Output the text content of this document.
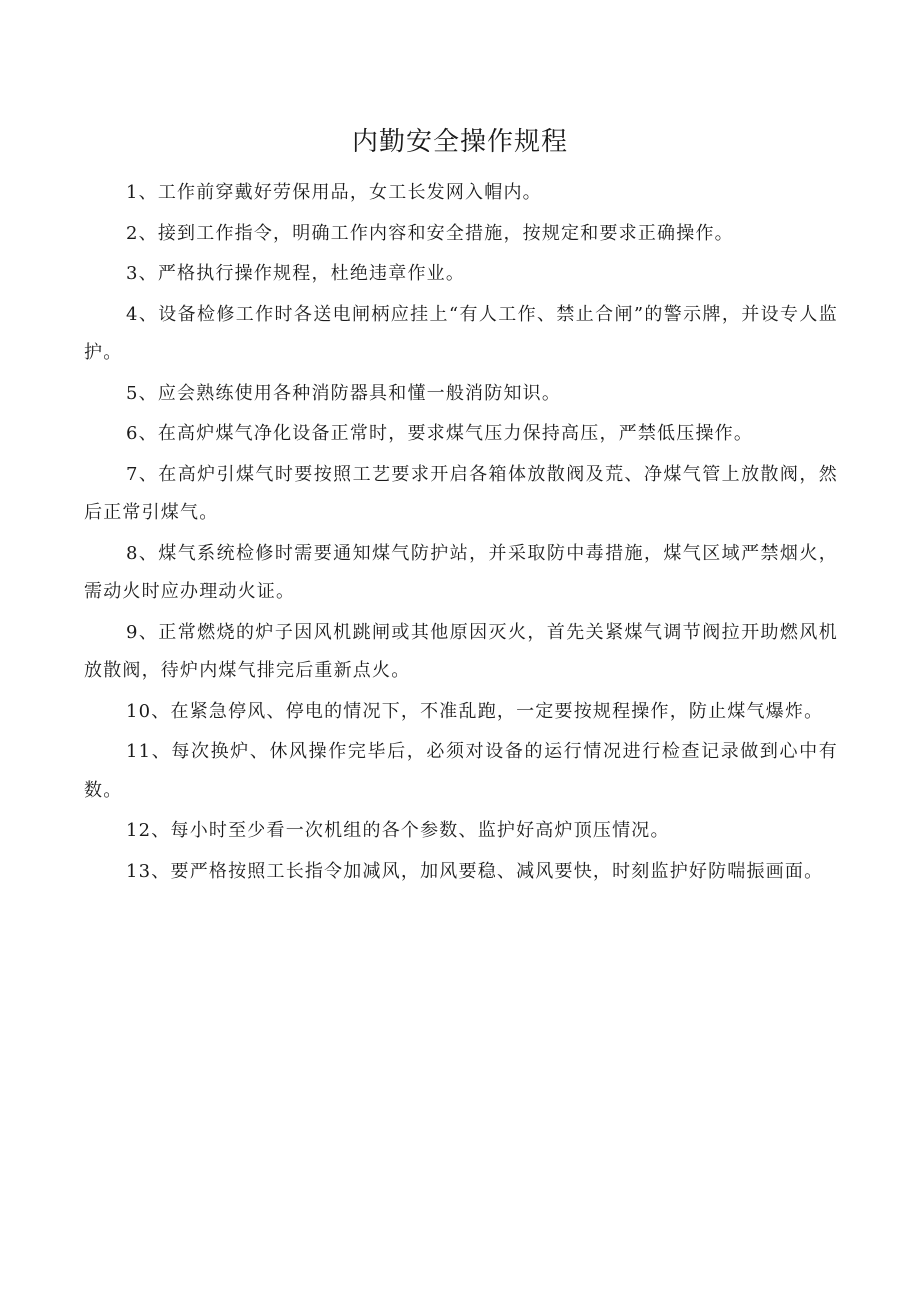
内勤安全操作规程

1、工作前穿戴好劳保用品，女工长发网入帽内。

2、接到工作指令，明确工作内容和安全措施，按规定和要求正确操作。

3、严格执行操作规程，杜绝违章作业。

4、设备检修工作时各送电闸柄应挂上“有人工作、禁止合闸”的警示牌，并设专人监护。

5、应会熟练使用各种消防器具和懂一般消防知识。

6、在高炉煤气净化设备正常时，要求煤气压力保持高压，严禁低压操作。

7、在高炉引煤气时要按照工艺要求开启各箱体放散阀及荒、净煤气管上放散阀，然后正常引煤气。

8、煤气系统检修时需要通知煤气防护站，并采取防中毒措施，煤气区域严禁烟火，需动火时应办理动火证。

9、正常燃烧的炉子因风机跳闸或其他原因灭火，首先关紧煤气调节阀拉开助燃风机放散阀，待炉内煤气排完后重新点火。

10、在紧急停风、停电的情况下，不准乱跑，一定要按规程操作，防止煤气爆炸。

11、每次换炉、休风操作完毕后，必须对设备的运行情况进行检查记录做到心中有数。

12、每小时至少看一次机组的各个参数、监护好高炉顶压情况。

13、要严格按照工长指令加减风，加风要稳、减风要快，时刻监护好防喘振画面。
